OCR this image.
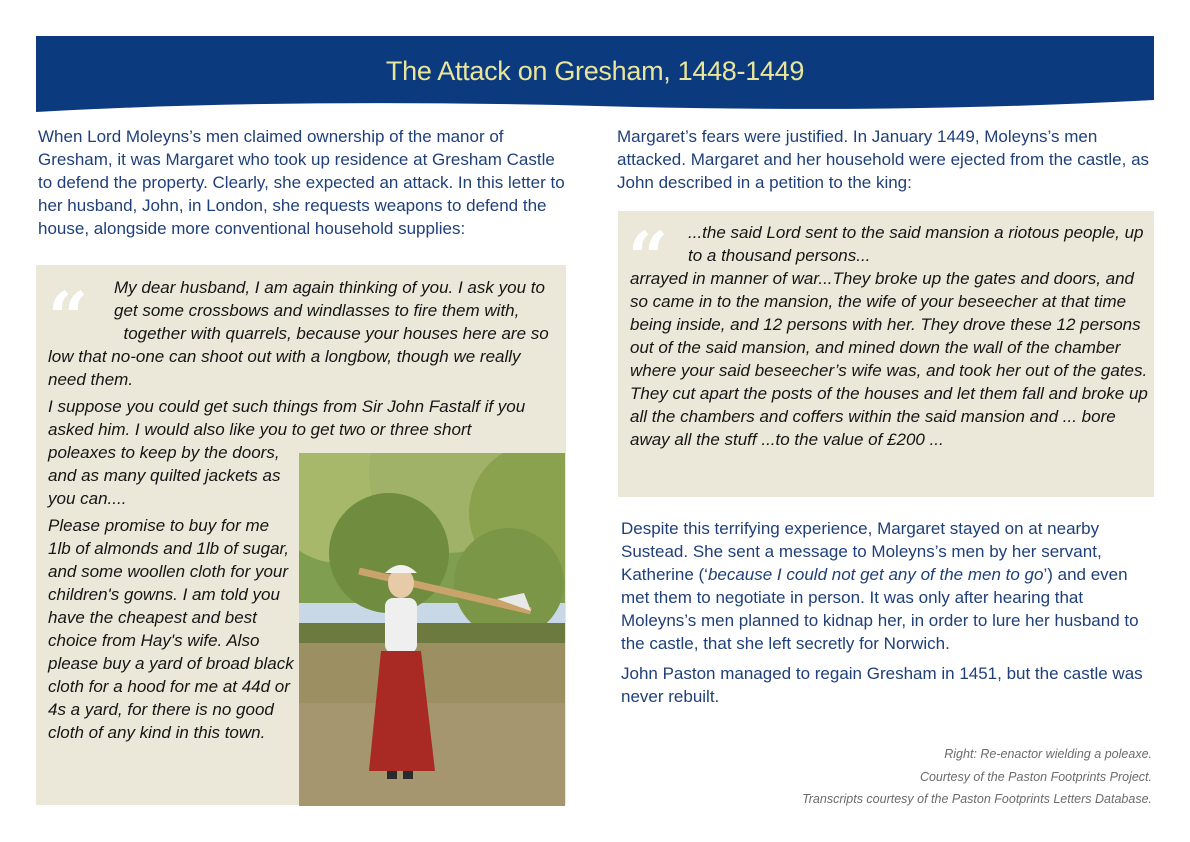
The Attack on Gresham, 1448-1449

When Lord Moleyns’s men claimed ownership of the manor of Gresham, it was Margaret who took up residence at Gresham Castle to defend the property. Clearly, she expected an attack. In this letter to her husband, John, in London, she requests weapons to defend the house, alongside more conventional household supplies:

“ My dear husband, I am again thinking of you. I ask you to get some crossbows and windlasses to fire them with,
together with quarrels, because your houses here are so low that no-one can shoot out with a longbow, though we really need them.
I suppose you could get such things from Sir John Fastalf if you asked him. I would also like you to get two or three short
poleaxes to keep by the doors, and as many quilted jackets as you can....
Please promise to buy for me 1lb of almonds and 1lb of sugar, and some woollen cloth for your children's gowns. I am told you have the cheapest and best choice from Hay's wife. Also please buy a yard of broad black cloth for a hood for me at 44d or 4s a yard, for there is no good cloth of any kind in this town.

Margaret’s fears were justified. In January 1449, Moleyns’s men attacked. Margaret and her household were ejected from the castle, as John described in a petition to the king:

“ ...the said Lord sent to the said mansion a riotous people, up to a thousand persons...
arrayed in manner of war...They broke up the gates and doors, and so came in to the mansion, the wife of your beseecher at that time being inside, and 12 persons with her. They drove these 12 persons out of the said mansion, and mined down the wall of the chamber where your said beseecher’s wife was, and took her out of the gates. They cut apart the posts of the houses and let them fall and broke up all the chambers and coffers within the said mansion and ... bore away all the stuff ...to the value of £200 ...

Despite this terrifying experience, Margaret stayed on at nearby Sustead. She sent a message to Moleyns’s men by her servant, Katherine (‘because I could not get any of the men to go’) and even met them to negotiate in person. It was only after hearing that Moleyns’s men planned to kidnap her, in order to lure her husband to the castle, that she left secretly for Norwich.

John Paston managed to regain Gresham in 1451, but the castle was never rebuilt.

Right: Re-enactor wielding a poleaxe.
Courtesy of the Paston Footprints Project.
Transcripts courtesy of the Paston Footprints Letters Database.
